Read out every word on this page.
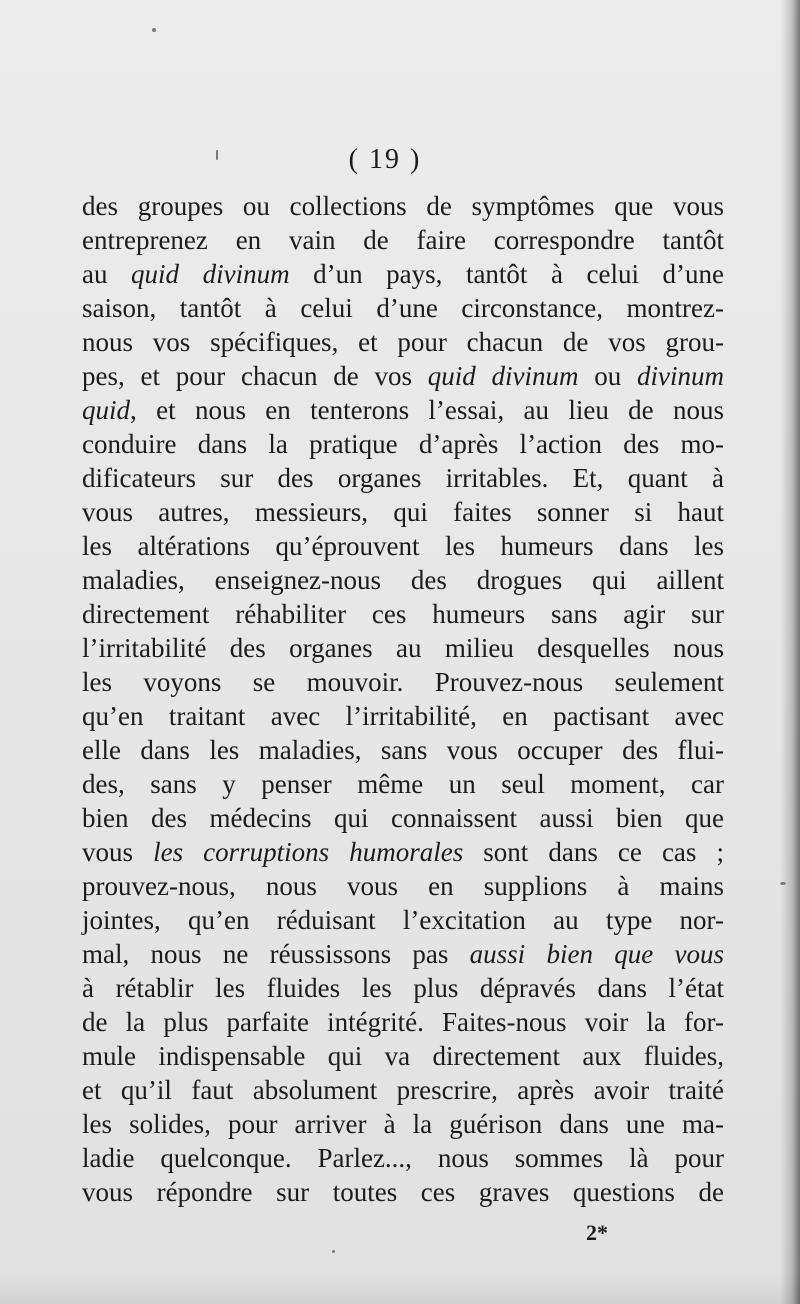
( 19 )
des groupes ou collections de symptômes que vous
entreprenez en vain de faire correspondre tantôt
au quid divinum d’un pays, tantôt à celui d’une
saison, tantôt à celui d’une circonstance, montrez-
nous vos spécifiques, et pour chacun de vos grou-
pes, et pour chacun de vos quid divinum ou divinum
quid, et nous en tenterons l’essai, au lieu de nous
conduire dans la pratique d’après l’action des mo-
dificateurs sur des organes irritables. Et, quant à
vous autres, messieurs, qui faites sonner si haut
les altérations qu’éprouvent les humeurs dans les
maladies, enseignez-nous des drogues qui aillent
directement réhabiliter ces humeurs sans agir sur
l’irritabilité des organes au milieu desquelles nous
les voyons se mouvoir. Prouvez-nous seulement
qu’en traitant avec l’irritabilité, en pactisant avec
elle dans les maladies, sans vous occuper des flui-
des, sans y penser même un seul moment, car
bien des médecins qui connaissent aussi bien que
vous les corruptions humorales sont dans ce cas ;
prouvez-nous, nous vous en supplions à mains
jointes, qu’en réduisant l’excitation au type nor-
mal, nous ne réussissons pas aussi bien que vous
à rétablir les fluides les plus dépravés dans l’état
de la plus parfaite intégrité. Faites-nous voir la for-
mule indispensable qui va directement aux fluides,
et qu’il faut absolument prescrire, après avoir traité
les solides, pour arriver à la guérison dans une ma-
ladie quelconque. Parlez..., nous sommes là pour
vous répondre sur toutes ces graves questions de
2*
